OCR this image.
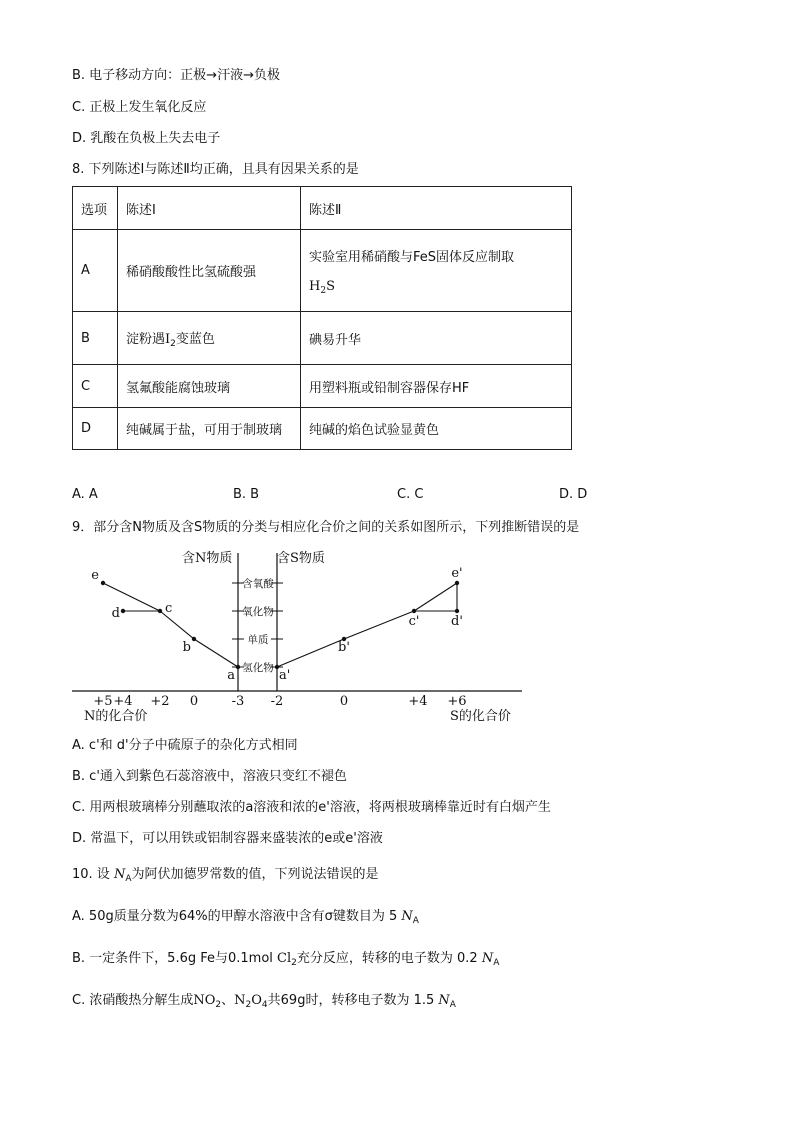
B. 电子移动方向：正极→汗液→负极
C. 正极上发生氧化反应
D. 乳酸在负极上失去电子
8. 下列陈述Ⅰ与陈述Ⅱ均正确，且具有因果关系的是
选项	陈述Ⅰ	陈述Ⅱ
A	稀硝酸酸性比氢硫酸强	实验室用稀硝酸与FeS固体反应制取
$H_2S$

B	淀粉遇$I_2$变蓝色	碘易升华
C	氢氟酸能腐蚀玻璃	用塑料瓶或铅制容器保存HF
D	纯碱属于盐，可用于制玻璃	纯碱的焰色试验显黄色
A. A	B. B	C. C	D. D
9．部分含N物质及含S物质的分类与相应化合价之间的关系如图所示，下列推断错误的是
含N物质	含S物质
含氧酸
氧化物
单质
氢化物
e
d	c
b
a	a'
b'
c'
e'
d'
+5 +4 +2 0	-3 -2	0	+4 +6
N的化合价	S的化合价
A. c'和 d'分子中硫原子的杂化方式相同
B. c'通入到紫色石蕊溶液中，溶液只变红不褪色
C. 用两根玻璃棒分别蘸取浓的a溶液和浓的e'溶液，将两根玻璃棒靠近时有白烟产生
D. 常温下，可以用铁或铝制容器来盛装浓的e或e'溶液
10. 设 $N_A$为阿伏加德罗常数的值，下列说法错误的是
A. 50g质量分数为64%的甲醇水溶液中含有σ键数目为 5 $N_A$
B. 一定条件下，5.6g Fe与0.1mol $Cl_2$充分反应，转移的电子数为 0.2 $N_A$
C. 浓硝酸热分解生成$NO_2$、$N_2O_4$共69g时，转移电子数为 1.5 $N_A$
